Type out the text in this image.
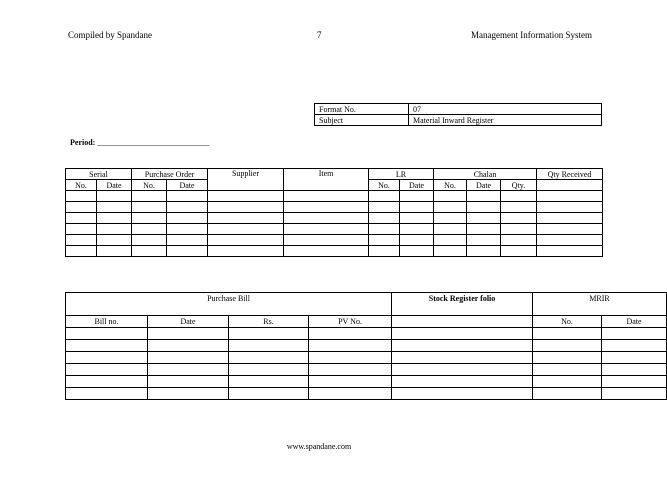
Compiled by Spandane	7	Management Information System
Format No.	07
Subject	Material Inward Register
Period: ____________________________
Serial		Purchase Order		Supplier	Item	LR		Chalan			Qty Received
No.	Date	No.	Date			No.	Date	No.	Date	Qty.	

Purchase Bill				Stock Register folio	MRIR	
Bill no.	Date	Rs.	PV No.		No.	Date

www.spandane.com
